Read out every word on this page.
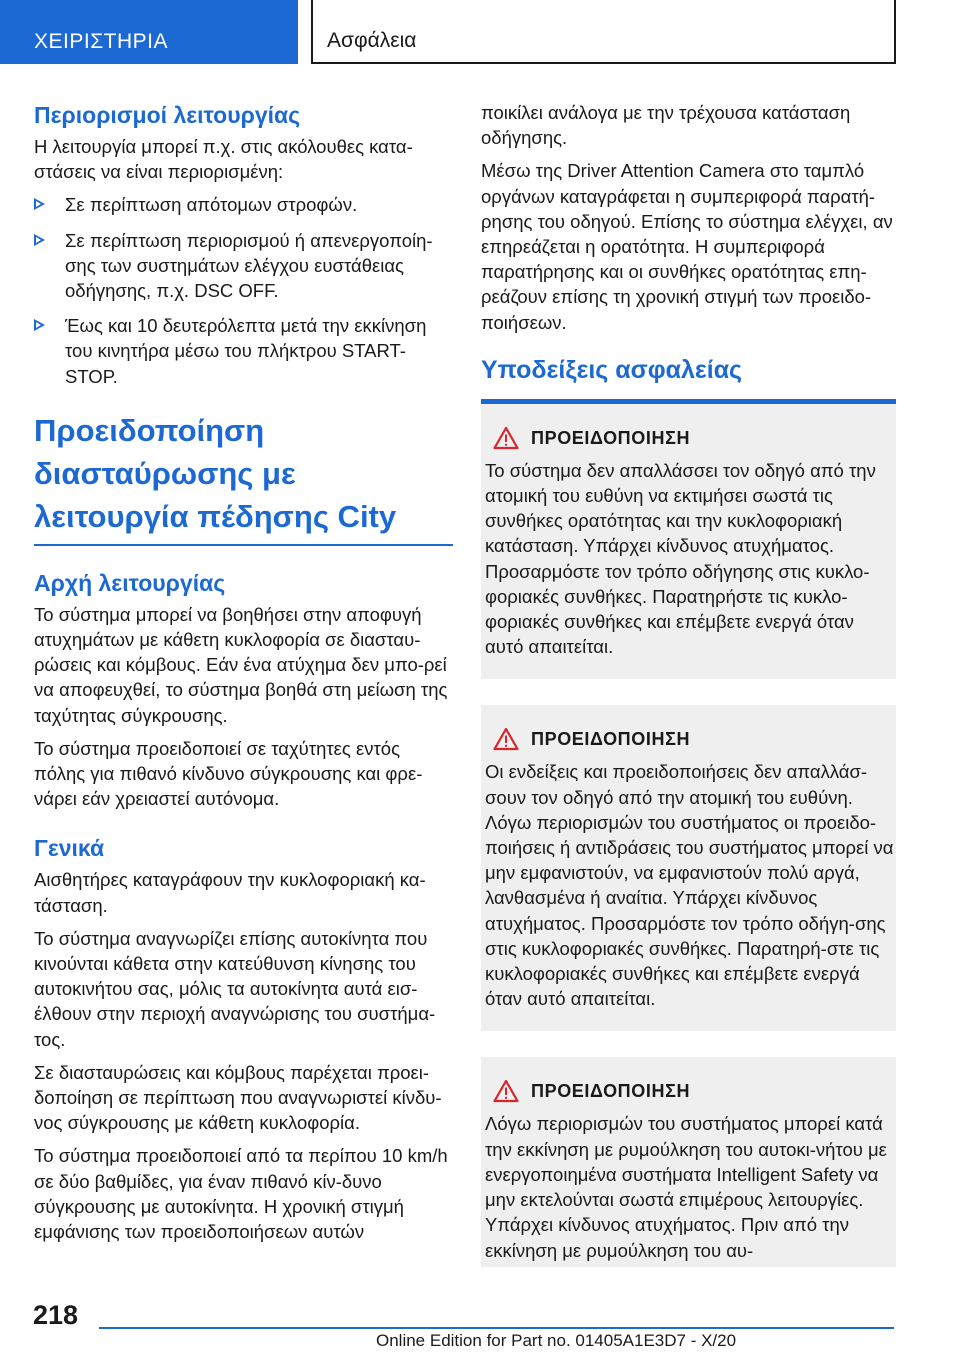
ΧΕΙΡΙΣΤΗΡΙΑ	Ασφάλεια
Περιορισμοί λειτουργίας

Η λειτουργία μπορεί π.χ. στις ακόλουθες κατα-στάσεις να είναι περιορισμένη:

Σε περίπτωση απότομων στροφών.
Σε περίπτωση περιορισμού ή απενεργοποίη-σης των συστημάτων ελέγχου ευστάθειας οδήγησης, π.χ. DSC OFF.
Έως και 10 δευτερόλεπτα μετά την εκκίνηση του κινητήρα μέσω του πλήκτρου START-STOP.
Προειδοποίηση
διασταύρωσης με
λειτουργία πέδησης City
Αρχή λειτουργίας

Το σύστημα μπορεί να βοηθήσει στην αποφυγή ατυχημάτων με κάθετη κυκλοφορία σε διασταυ-ρώσεις και κόμβους. Εάν ένα ατύχημα δεν μπο-ρεί να αποφευχθεί, το σύστημα βοηθά στη μείωση της ταχύτητας σύγκρουσης.

Το σύστημα προειδοποιεί σε ταχύτητες εντός πόλης για πιθανό κίνδυνο σύγκρουσης και φρε-νάρει εάν χρειαστεί αυτόνομα.

Γενικά

Αισθητήρες καταγράφουν την κυκλοφοριακή κα-τάσταση.

Το σύστημα αναγνωρίζει επίσης αυτοκίνητα που κινούνται κάθετα στην κατεύθυνση κίνησης του αυτοκινήτου σας, μόλις τα αυτοκίνητα αυτά εισ-έλθουν στην περιοχή αναγνώρισης του συστήμα-τος.

Σε διασταυρώσεις και κόμβους παρέχεται προει-δοποίηση σε περίπτωση που αναγνωριστεί κίνδυ-νος σύγκρουσης με κάθετη κυκλοφορία.

Το σύστημα προειδοποιεί από τα περίπου 10 km/h σε δύο βαθμίδες, για έναν πιθανό κίν-δυνο σύγκρουσης με αυτοκίνητα. Η χρονική στιγμή εμφάνισης των προειδοποιήσεων αυτών

ποικίλει ανάλογα με την τρέχουσα κατάσταση οδήγησης.

Μέσω της Driver Attention Camera στο ταμπλό οργάνων καταγράφεται η συμπεριφορά παρατή-ρησης του οδηγού. Επίσης το σύστημα ελέγχει, αν επηρεάζεται η ορατότητα. Η συμπεριφορά παρατήρησης και οι συνθήκες ορατότητας επη-ρεάζουν επίσης τη χρονική στιγμή των προειδο-ποιήσεων.

Υποδείξεις ασφαλείας
ΠΡΟΕΙΔΟΠΟΙΗΣΗ

Το σύστημα δεν απαλλάσσει τον οδηγό από την ατομική του ευθύνη να εκτιμήσει σωστά τις συνθήκες ορατότητας και την κυκλοφοριακή κατάσταση. Υπάρχει κίνδυνος ατυχήματος. Προσαρμόστε τον τρόπο οδήγησης στις κυκλο-φοριακές συνθήκες. Παρατηρήστε τις κυκλο-φοριακές συνθήκες και επέμβετε ενεργά όταν αυτό απαιτείται.

ΠΡΟΕΙΔΟΠΟΙΗΣΗ

Οι ενδείξεις και προειδοποιήσεις δεν απαλλάσ-σουν τον οδηγό από την ατομική του ευθύνη. Λόγω περιορισμών του συστήματος οι προειδο-ποιήσεις ή αντιδράσεις του συστήματος μπορεί να μην εμφανιστούν, να εμφανιστούν πολύ αργά, λανθασμένα ή αναίτια. Υπάρχει κίνδυνος ατυχήματος. Προσαρμόστε τον τρόπο οδήγη-σης στις κυκλοφοριακές συνθήκες. Παρατηρή-στε τις κυκλοφοριακές συνθήκες και επέμβετε ενεργά όταν αυτό απαιτείται.

ΠΡΟΕΙΔΟΠΟΙΗΣΗ

Λόγω περιορισμών του συστήματος μπορεί κατά την εκκίνηση με ρυμούλκηση του αυτοκι-νήτου με ενεργοποιημένα συστήματα Intelligent Safety να μην εκτελούνται σωστά επιμέρους λειτουργίες. Υπάρχει κίνδυνος ατυχήματος. Πριν από την εκκίνηση με ρυμούλκηση του αυ-

218
Online Edition for Part no. 01405A1E3D7 - X/20
